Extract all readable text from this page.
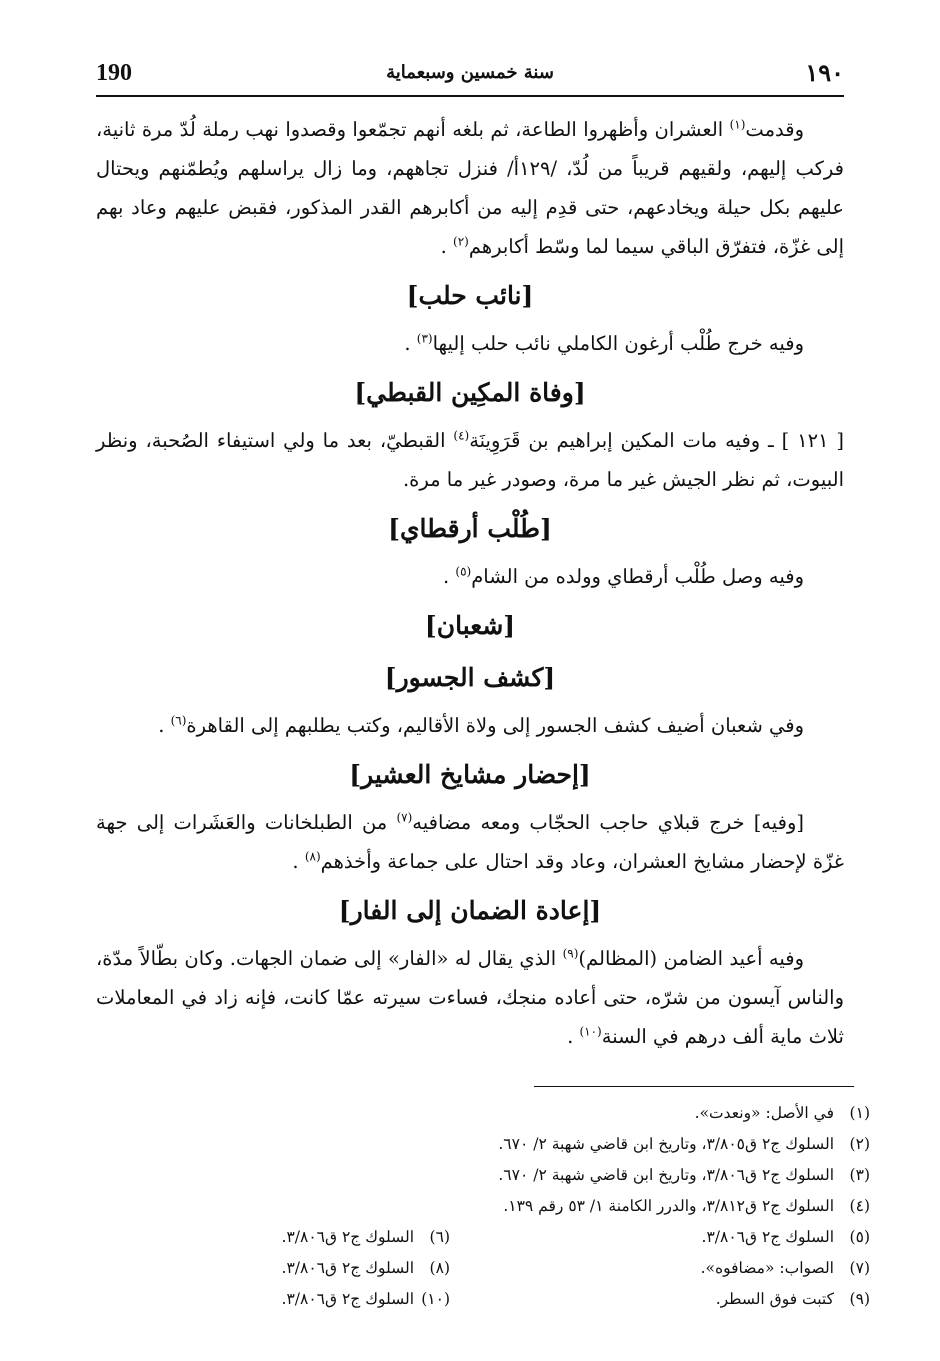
190	سنة خمسين وسبعماية	١٩٠

وقدمت$^{(١)}$ العشران وأظهروا الطاعة، ثم بلغه أنهم تجمّعوا وقصدوا نهب رملة لُدّ مرة ثانية، فركب إليهم، ولقيهم قريباً من لُدّ، /١٢٩أ/ فنزل تجاههم، وما زال يراسلهم ويُطمّنهم ويحتال عليهم بكل حيلة ويخادعهم، حتى قدِم إليه من أكابرهم القدر المذكور، فقبض عليهم وعاد بهم إلى غزّة، فتفرّق الباقي سيما لما وسّط أكابرهم$^{(٢)}$ .

[نائب حلب]

وفيه خرج طُلْب أرغون الكاملي نائب حلب إليها$^{(٣)}$ .

[وفاة المكِين القبطي]

[ ١٢١ ] ـ وفيه مات المكين إبراهيم بن قَرَوِينَة$^{(٤)}$ القبطيّ، بعد ما ولي استيفاء الصُحبة، ونظر البيوت، ثم نظر الجيش غير ما مرة، وصودر غير ما مرة.

[طُلْب أرقطاي]

وفيه وصل طُلْب أرقطاي وولده من الشام$^{(٥)}$ .

[شعبان]
[كشف الجسور]

وفي شعبان أضيف كشف الجسور إلى ولاة الأقاليم، وكتب يطلبهم إلى القاهرة$^{(٦)}$ .

[إحضار مشايخ العشير]

[وفيه] خرج قبلاي حاجب الحجّاب ومعه مضافيه$^{(٧)}$ من الطبلخانات والعَشَرات إلى جهة غزّة لإحضار مشايخ العشران، وعاد وقد احتال على جماعة وأخذهم$^{(٨)}$ .

[إعادة الضمان إلى الفار]

وفيه أعيد الضامن (المظالم)$^{(٩)}$ الذي يقال له «الفار» إلى ضمان الجهات. وكان بطّالاً مدّة، والناس آيسون من شرّه، حتى أعاده منجك، فساءت سيرته عمّا كانت، فإنه زاد في المعاملات ثلاث ماية ألف درهم في السنة$^{(١٠)}$ .

(١)في الأصل: «ونعدت».
(٢)السلوك ج٢ ق٣/٨٠٥، وتاريخ ابن قاضي شهبة ٢/ ٦٧٠.
(٣)السلوك ج٢ ق٣/٨٠٦، وتاريخ ابن قاضي شهبة ٢/ ٦٧٠.
(٤)السلوك ج٢ ق٣/٨١٢، والدرر الكامنة ١/ ٥٣ رقم ١٣٩.
(٥)السلوك ج٢ ق٣/٨٠٦.
(٦)السلوك ج٢ ق٣/٨٠٦.
(٧)الصواب: «مضافوه».
(٨)السلوك ج٢ ق٣/٨٠٦.
(٩)كتبت فوق السطر.
(١٠)السلوك ج٢ ق٣/٨٠٦.
